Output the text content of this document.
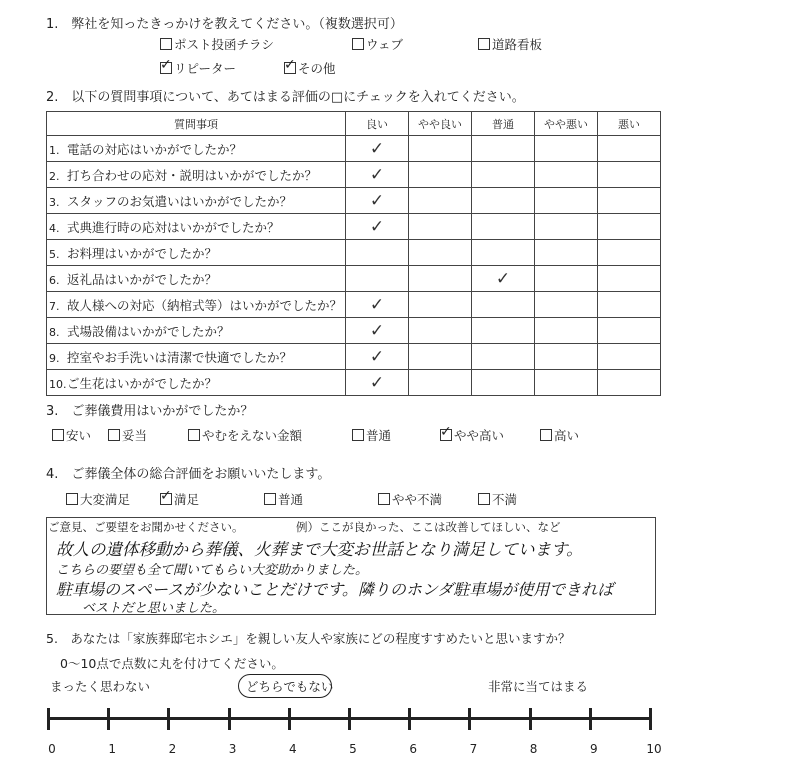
1.　弊社を知ったきっかけを教えてください。（複数選択可）
ポスト投函チラシ	ウェブ	道路看板
✓ リピーター	✓ その他
2.　以下の質問事項について、あてはまる評価の□にチェックを入れてください。
質問事項	良い	やや良い	普通	やや悪い	悪い
1. 電話の対応はいかがでしたか？	✓				
2. 打ち合わせの応対・説明はいかがでしたか？	✓				
3. スタッフのお気遣いはいかがでしたか？	✓				
4. 式典進行時の応対はいかがでしたか？	✓				
5. お料理はいかがでしたか？					
6. 返礼品はいかがでしたか？			✓		
7. 故人様への対応（納棺式等）はいかがでしたか？	✓				
8. 式場設備はいかがでしたか？	✓				
9. 控室やお手洗いは清潔で快適でしたか？	✓				
10.ご生花はいかがでしたか？	✓				
3.　ご葬儀費用はいかがでしたか？
安い	妥当	やむをえない金額	普通	✓ やや高い	高い
4.　ご葬儀全体の総合評価をお願いいたします。
大変満足 ✓ 満足	普通	やや不満	不満
ご意見、ご要望をお聞かせください。	例）ここが良かった、ここは改善してほしい、など
故人の遺体移動から葬儀、火葬まで大変お世話となり満足しています。
こちらの要望も全て聞いてもらい大変助かりました。
駐車場のスペースが少ないことだけです。隣りのホンダ駐車場が使用できれば
ベストだと思いました。
5.　あなたは「家族葬邸宅ホシエ」を親しい友人や家族にどの程度すすめたいと思いますか？
0〜10点で点数に丸を付けてください。
まったく思わない	どちらでもない	非常に当てはまる
0	1	2	3	4	5	6	7	8	9	10
